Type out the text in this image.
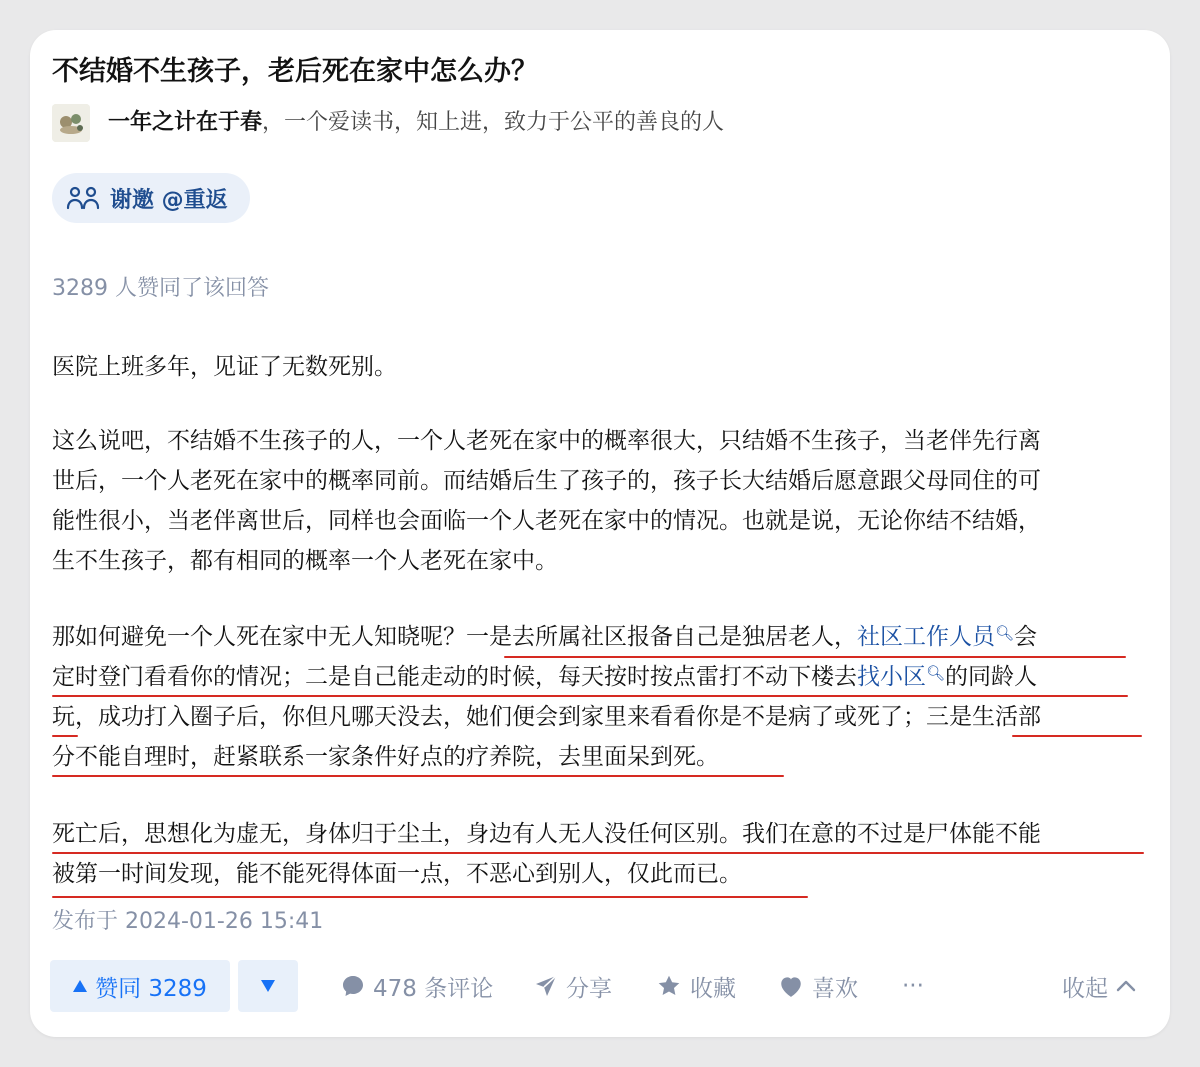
不结婚不生孩子，老后死在家中怎么办？
一年之计在于春，一个爱读书，知上进，致力于公平的善良的人
谢邀 @重返
3289 人赞同了该回答
医院上班多年，见证了无数死别。
这么说吧，不结婚不生孩子的人，一个人老死在家中的概率很大，只结婚不生孩子，当老伴先行离
世后，一个人老死在家中的概率同前。而结婚后生了孩子的，孩子长大结婚后愿意跟父母同住的可
能性很小，当老伴离世后，同样也会面临一个人老死在家中的情况。也就是说，无论你结不结婚，
生不生孩子，都有相同的概率一个人老死在家中。
那如何避免一个人死在家中无人知晓呢？一是去所属社区报备自己是独居老人，社区工作人员🔍︎会
定时登门看看你的情况；二是自己能走动的时候，每天按时按点雷打不动下楼去找小区🔍︎的同龄人
玩，成功打入圈子后，你但凡哪天没去，她们便会到家里来看看你是不是病了或死了；三是生活部
分不能自理时，赶紧联系一家条件好点的疗养院，去里面呆到死。
死亡后，思想化为虚无，身体归于尘土，身边有人无人没任何区别。我们在意的不过是尸体能不能
被第一时间发现，能不能死得体面一点，不恶心到别人，仅此而已。
发布于 2024-01-26 15:41
赞同 3289	478 条评论	分享	收藏	喜欢 ···	收起
